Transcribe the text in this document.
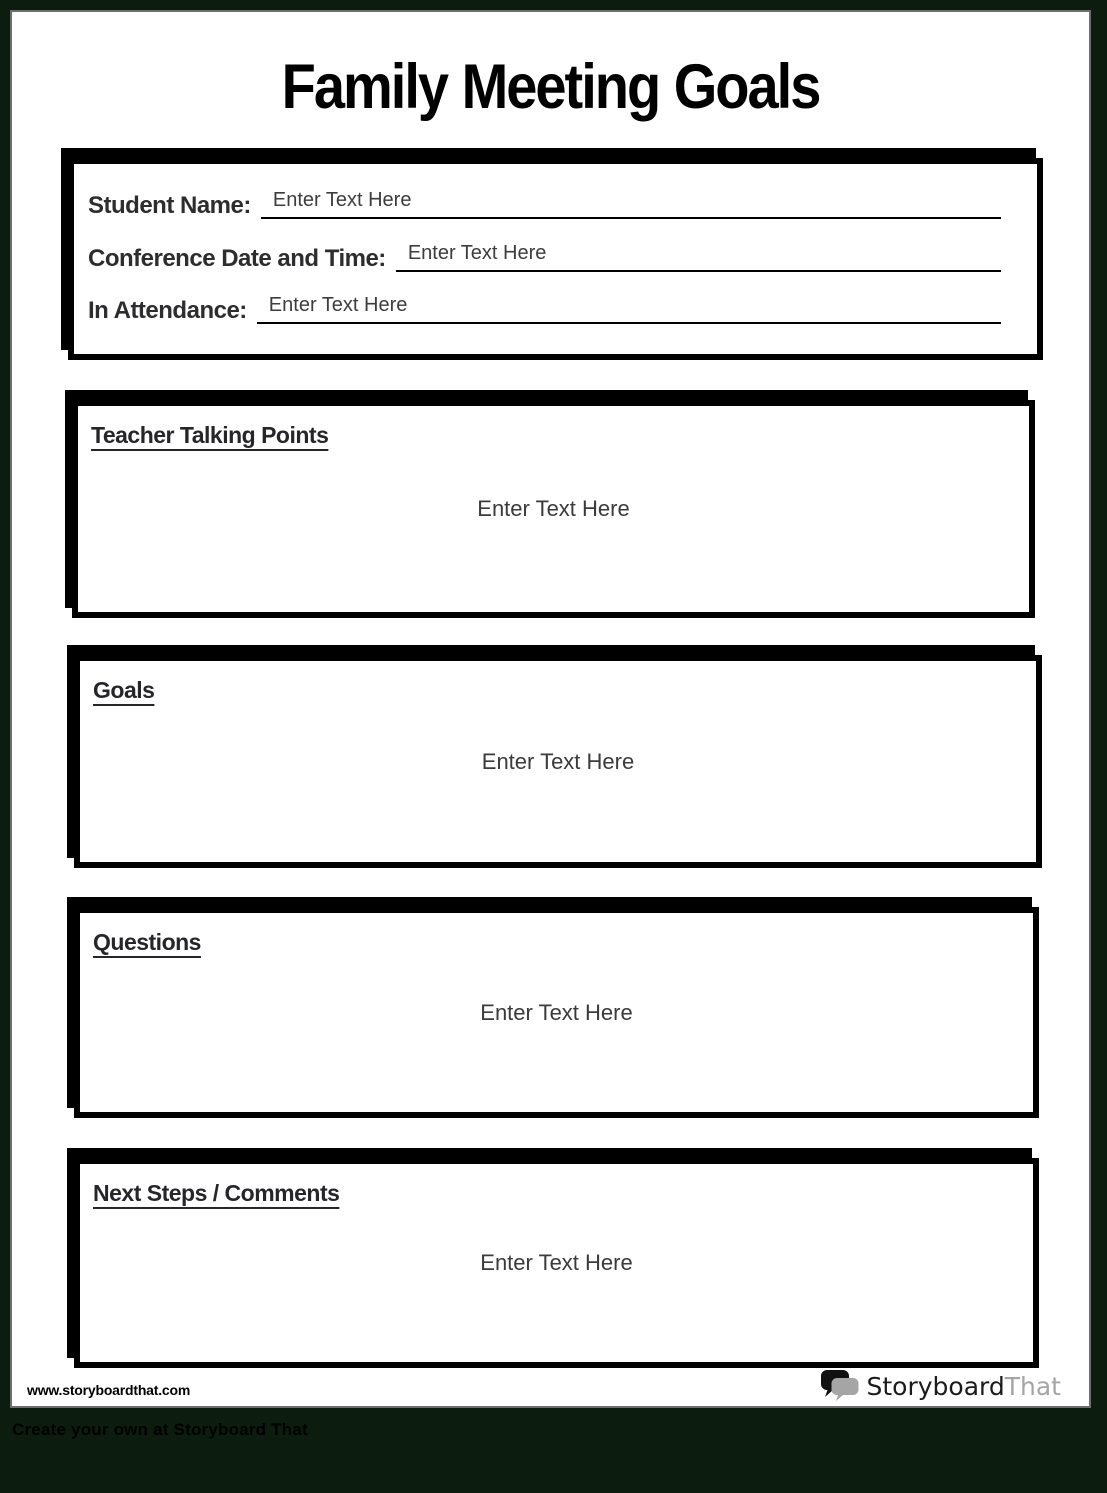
Family Meeting Goals
Student Name:	Enter Text Here
Conference Date and Time:	Enter Text Here
In Attendance:	Enter Text Here
Teacher Talking Points
Enter Text Here
Goals
Enter Text Here
Questions
Enter Text Here
Next Steps / Comments
Enter Text Here
www.storyboardthat.com	StoryboardThat
Create your own at Storyboard That
